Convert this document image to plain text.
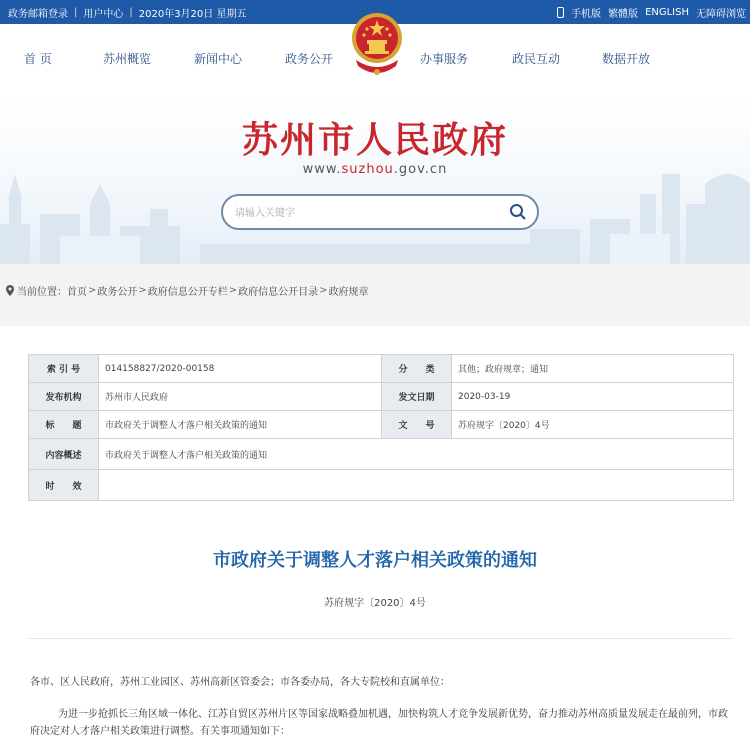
政务邮箱登录 | 用户中心 | 2020年3月20日 星期五	手机版 繁體版 ENGLISH 无障碍浏览
首 页	苏州概览	新闻中心	政务公开	办事服务	政民互动	数据开放
苏州市人民政府
www.suzhou.gov.cn
请输入关键字
当前位置： 首页 > 政务公开 > 政府信息公开专栏 > 政府信息公开目录 > 政府规章
索 引 号	014158827/2020-00158	分　　类	其他；政府规章；通知
发布机构	苏州市人民政府	发文日期	2020-03-19
标　　题	市政府关于调整人才落户相关政策的通知	文　　号	苏府规字〔2020〕4号
内容概述	市政府关于调整人才落户相关政策的通知		
时　　效			
市政府关于调整人才落户相关政策的通知
苏府规字〔2020〕4号
各市、区人民政府，苏州工业园区、苏州高新区管委会；市各委办局，各大专院校和直属单位：
为进一步抢抓长三角区域一体化、江苏自贸区苏州片区等国家战略叠加机遇，加快构筑人才竞争发展新优势，奋力推动苏州高质量发展走在最前列，市政府决定对人才落户相关政策进行调整。有关事项通知如下：
